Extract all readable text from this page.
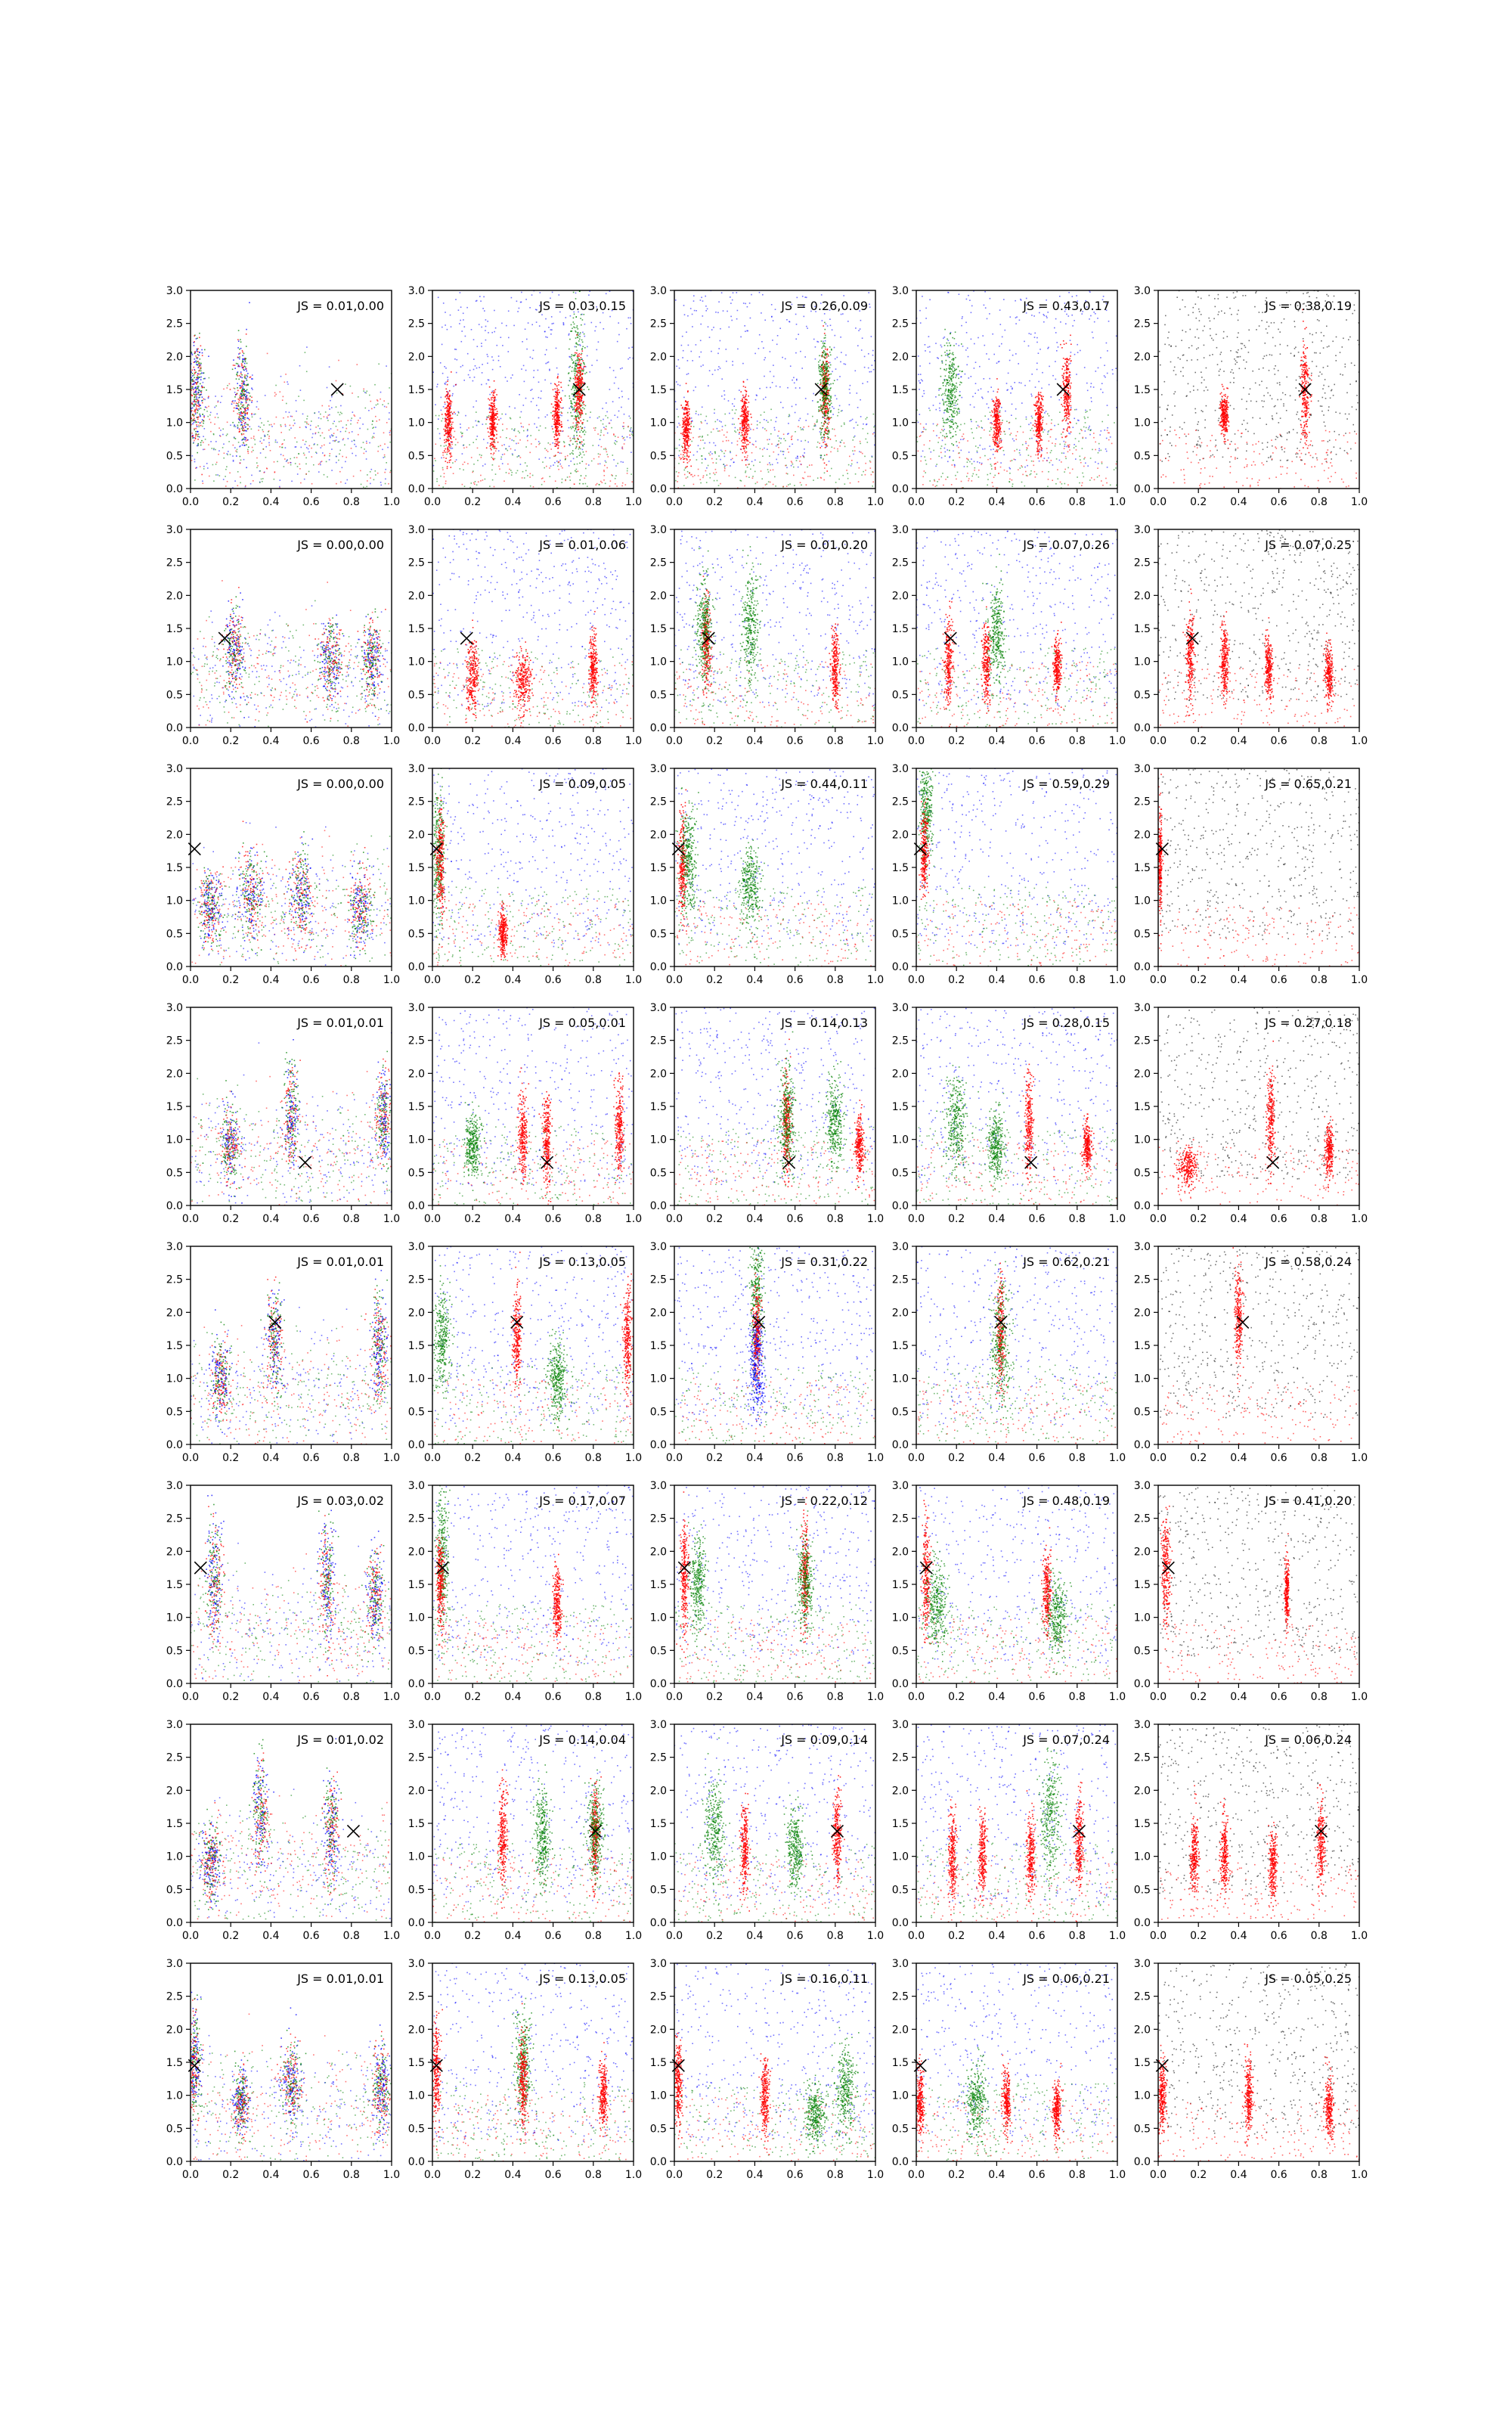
0.0 0.2 0.4 0.6 0.8 1.0
0.0
0.5
1.0
1.5
2.0
2.5
3.0
JS = 0.01,0.00
0.0 0.2 0.4 0.6 0.8 1.0
0.0
0.5
1.0
1.5
2.0
2.5
3.0
JS = 0.03,0.15
0.0 0.2 0.4 0.6 0.8 1.0
0.0
0.5
1.0
1.5
2.0
2.5
3.0
JS = 0.26,0.09
0.0 0.2 0.4 0.6 0.8 1.0
0.0
0.5
1.0
1.5
2.0
2.5
3.0
JS = 0.43,0.17
0.0 0.2 0.4 0.6 0.8 1.0
0.0
0.5
1.0
1.5
2.0
2.5
3.0
JS = 0.38,0.19
0.0 0.2 0.4 0.6 0.8 1.0
0.0
0.5
1.0
1.5
2.0
2.5
3.0
JS = 0.00,0.00
0.0 0.2 0.4 0.6 0.8 1.0
0.0
0.5
1.0
1.5
2.0
2.5
3.0
JS = 0.01,0.06
0.0 0.2 0.4 0.6 0.8 1.0
0.0
0.5
1.0
1.5
2.0
2.5
3.0
JS = 0.01,0.20
0.0 0.2 0.4 0.6 0.8 1.0
0.0
0.5
1.0
1.5
2.0
2.5
3.0
JS = 0.07,0.26
0.0 0.2 0.4 0.6 0.8 1.0
0.0
0.5
1.0
1.5
2.0
2.5
3.0
JS = 0.07,0.25
0.0 0.2 0.4 0.6 0.8 1.0
0.0
0.5
1.0
1.5
2.0
2.5
3.0
JS = 0.00,0.00
0.0 0.2 0.4 0.6 0.8 1.0
0.0
0.5
1.0
1.5
2.0
2.5
3.0
JS = 0.09,0.05
0.0 0.2 0.4 0.6 0.8 1.0
0.0
0.5
1.0
1.5
2.0
2.5
3.0
JS = 0.44,0.11
0.0 0.2 0.4 0.6 0.8 1.0
0.0
0.5
1.0
1.5
2.0
2.5
3.0
JS = 0.59,0.29
0.0 0.2 0.4 0.6 0.8 1.0
0.0
0.5
1.0
1.5
2.0
2.5
3.0
JS = 0.65,0.21
0.0 0.2 0.4 0.6 0.8 1.0
0.0
0.5
1.0
1.5
2.0
2.5
3.0
JS = 0.01,0.01
0.0 0.2 0.4 0.6 0.8 1.0
0.0
0.5
1.0
1.5
2.0
2.5
3.0
JS = 0.05,0.01
0.0 0.2 0.4 0.6 0.8 1.0
0.0
0.5
1.0
1.5
2.0
2.5
3.0
JS = 0.14,0.13
0.0 0.2 0.4 0.6 0.8 1.0
0.0
0.5
1.0
1.5
2.0
2.5
3.0
JS = 0.28,0.15
0.0 0.2 0.4 0.6 0.8 1.0
0.0
0.5
1.0
1.5
2.0
2.5
3.0
JS = 0.27,0.18
0.0 0.2 0.4 0.6 0.8 1.0
0.0
0.5
1.0
1.5
2.0
2.5
3.0
JS = 0.01,0.01
0.0 0.2 0.4 0.6 0.8 1.0
0.0
0.5
1.0
1.5
2.0
2.5
3.0
JS = 0.13,0.05
0.0 0.2 0.4 0.6 0.8 1.0
0.0
0.5
1.0
1.5
2.0
2.5
3.0
JS = 0.31,0.22
0.0 0.2 0.4 0.6 0.8 1.0
0.0
0.5
1.0
1.5
2.0
2.5
3.0
JS = 0.62,0.21
0.0 0.2 0.4 0.6 0.8 1.0
0.0
0.5
1.0
1.5
2.0
2.5
3.0
JS = 0.58,0.24
0.0 0.2 0.4 0.6 0.8 1.0
0.0
0.5
1.0
1.5
2.0
2.5
3.0
JS = 0.03,0.02
0.0 0.2 0.4 0.6 0.8 1.0
0.0
0.5
1.0
1.5
2.0
2.5
3.0
JS = 0.17,0.07
0.0 0.2 0.4 0.6 0.8 1.0
0.0
0.5
1.0
1.5
2.0
2.5
3.0
JS = 0.22,0.12
0.0 0.2 0.4 0.6 0.8 1.0
0.0
0.5
1.0
1.5
2.0
2.5
3.0
JS = 0.48,0.19
0.0 0.2 0.4 0.6 0.8 1.0
0.0
0.5
1.0
1.5
2.0
2.5
3.0
JS = 0.41,0.20
0.0 0.2 0.4 0.6 0.8 1.0
0.0
0.5
1.0
1.5
2.0
2.5
3.0
JS = 0.01,0.02
0.0 0.2 0.4 0.6 0.8 1.0
0.0
0.5
1.0
1.5
2.0
2.5
3.0
JS = 0.14,0.04
0.0 0.2 0.4 0.6 0.8 1.0
0.0
0.5
1.0
1.5
2.0
2.5
3.0
JS = 0.09,0.14
0.0 0.2 0.4 0.6 0.8 1.0
0.0
0.5
1.0
1.5
2.0
2.5
3.0
JS = 0.07,0.24
0.0 0.2 0.4 0.6 0.8 1.0
0.0
0.5
1.0
1.5
2.0
2.5
3.0
JS = 0.06,0.24
0.0 0.2 0.4 0.6 0.8 1.0
0.0
0.5
1.0
1.5
2.0
2.5
3.0
JS = 0.01,0.01
0.0 0.2 0.4 0.6 0.8 1.0
0.0
0.5
1.0
1.5
2.0
2.5
3.0
JS = 0.13,0.05
0.0 0.2 0.4 0.6 0.8 1.0
0.0
0.5
1.0
1.5
2.0
2.5
3.0
JS = 0.16,0.11
0.0 0.2 0.4 0.6 0.8 1.0
0.0
0.5
1.0
1.5
2.0
2.5
3.0
JS = 0.06,0.21
0.0 0.2 0.4 0.6 0.8 1.0
0.0
0.5
1.0
1.5
2.0
2.5
3.0
JS = 0.05,0.25
